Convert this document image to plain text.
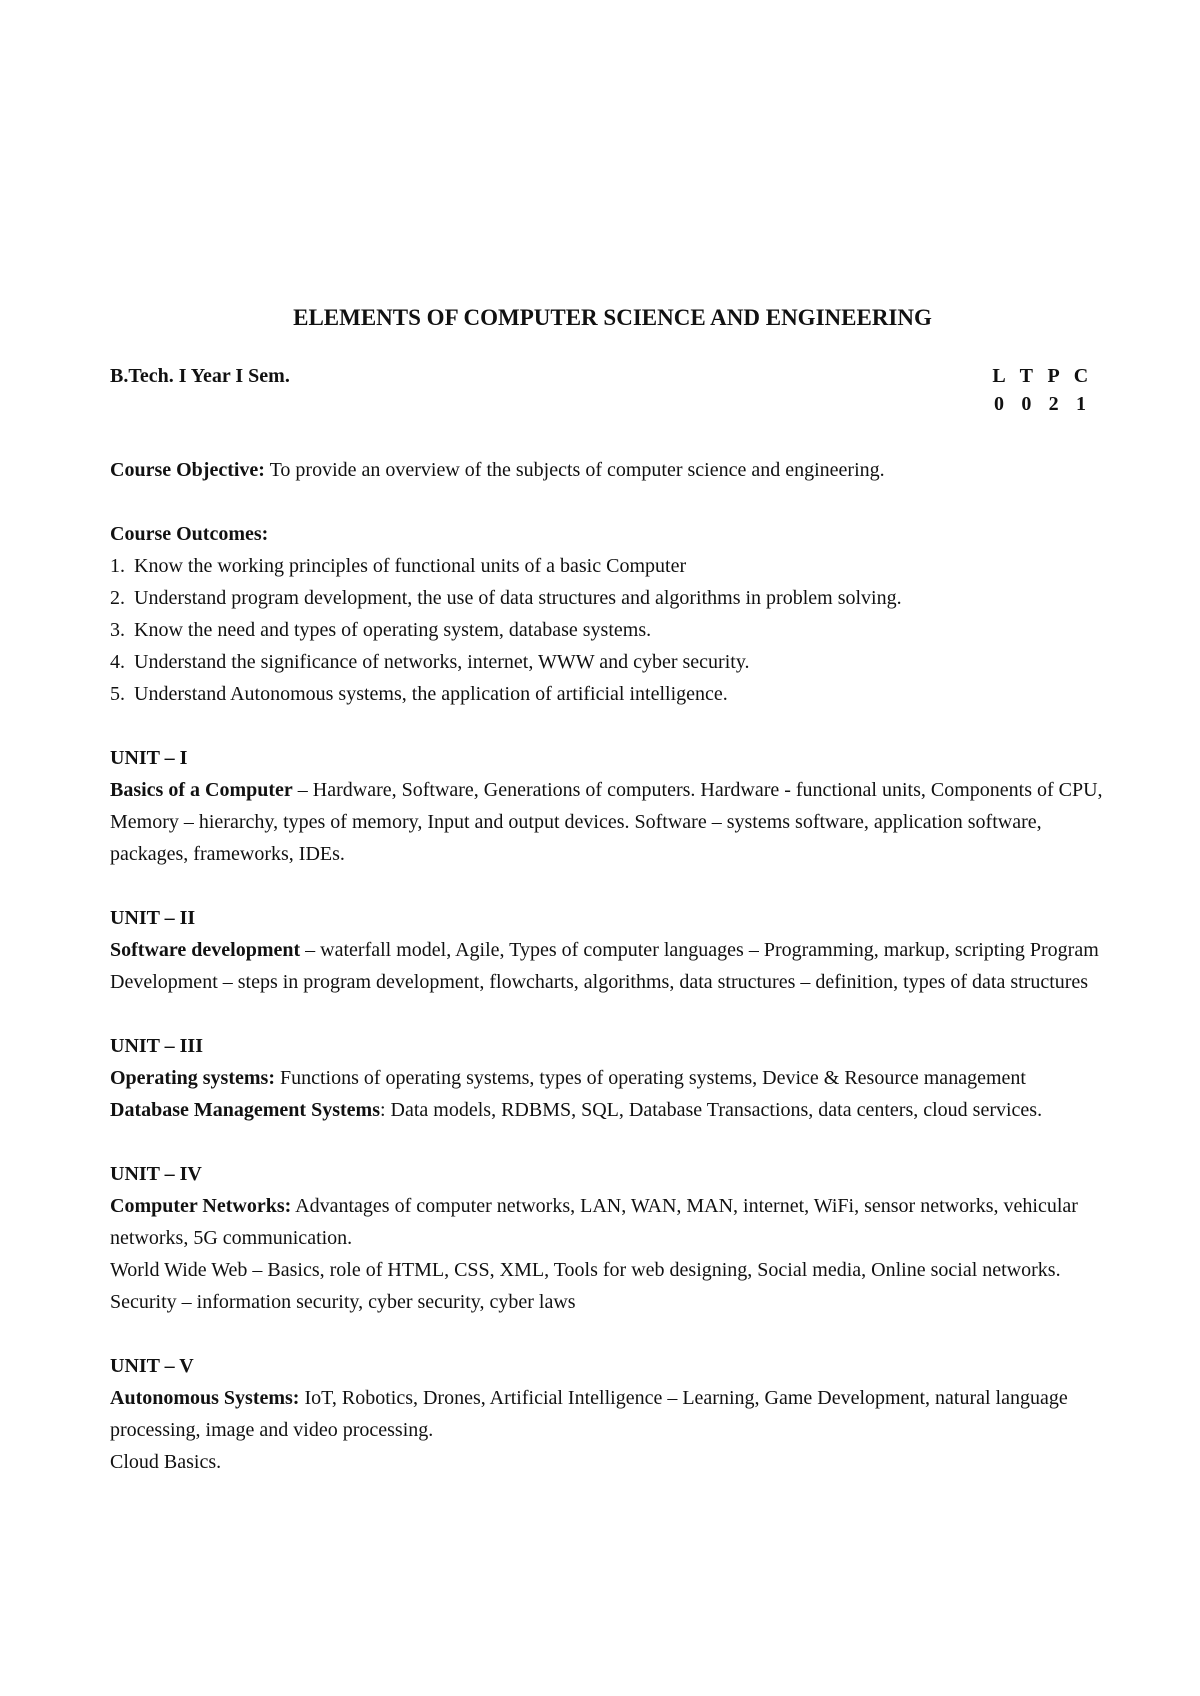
ELEMENTS OF COMPUTER SCIENCE AND ENGINEERING
B.Tech. I Year I Sem.	L T P C
0 0 2 1
Course Objective: To provide an overview of the subjects of computer science and engineering.
Course Outcomes:
1. Know the working principles of functional units of a basic Computer
2. Understand program development, the use of data structures and algorithms in problem solving.
3. Know the need and types of operating system, database systems.
4. Understand the significance of networks, internet, WWW and cyber security.
5. Understand Autonomous systems, the application of artificial intelligence.
UNIT – I
Basics of a Computer – Hardware, Software, Generations of computers. Hardware - functional units, Components of CPU, Memory – hierarchy, types of memory, Input and output devices. Software – systems software, application software, packages, frameworks, IDEs.
UNIT – II
Software development – waterfall model, Agile, Types of computer languages – Programming, markup, scripting Program Development – steps in program development, flowcharts, algorithms, data structures – definition, types of data structures
UNIT – III
Operating systems: Functions of operating systems, types of operating systems, Device & Resource management
Database Management Systems: Data models, RDBMS, SQL, Database Transactions, data centers, cloud services.
UNIT – IV
Computer Networks: Advantages of computer networks, LAN, WAN, MAN, internet, WiFi, sensor networks, vehicular networks, 5G communication.
World Wide Web – Basics, role of HTML, CSS, XML, Tools for web designing, Social media, Online social networks.
Security – information security, cyber security, cyber laws
UNIT – V
Autonomous Systems: IoT, Robotics, Drones, Artificial Intelligence – Learning, Game Development, natural language processing, image and video processing.
Cloud Basics.
